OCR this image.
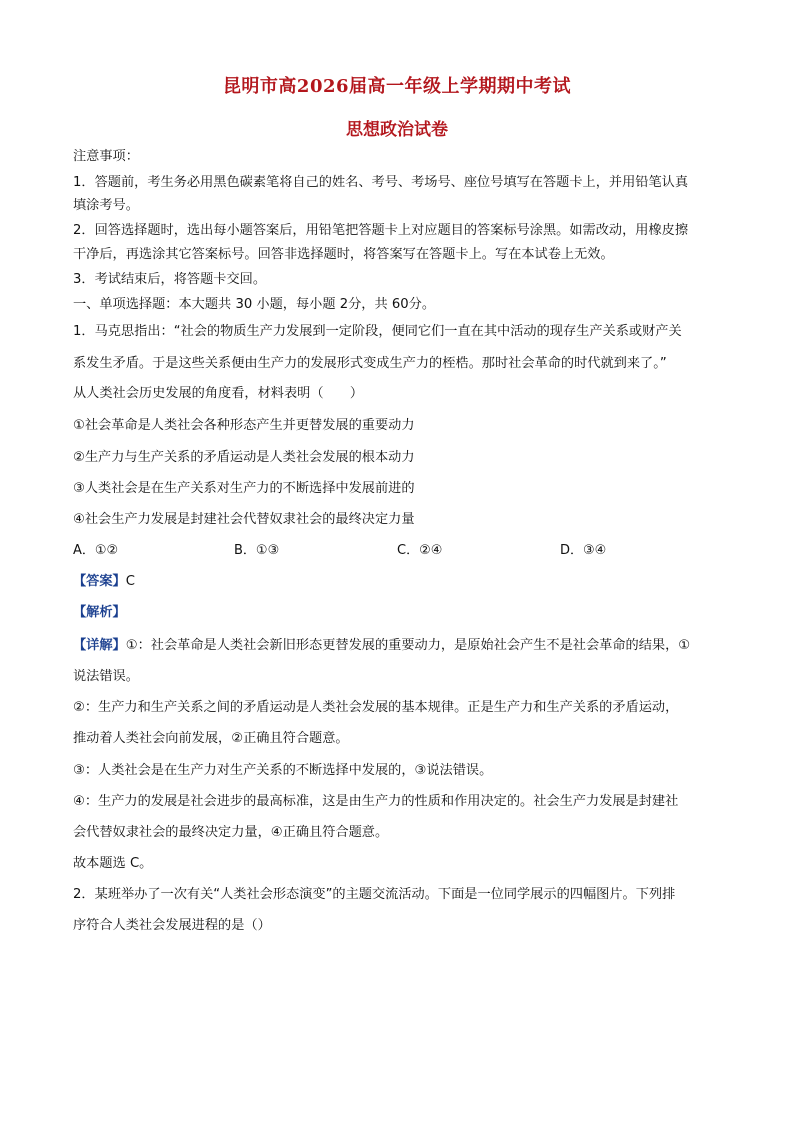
昆明市高2026届高一年级上学期期中考试
思想政治试卷
注意事项：
1．答题前，考生务必用黑色碳素笔将自己的姓名、考号、考场号、座位号填写在答题卡上，并用铅笔认真
填涂考号。
2．回答选择题时，选出每小题答案后，用铅笔把答题卡上对应题目的答案标号涂黑。如需改动，用橡皮擦
干净后，再选涂其它答案标号。回答非选择题时，将答案写在答题卡上。写在本试卷上无效。
3．考试结束后，将答题卡交回。
一、单项选择题：本大题共 30 小题，每小题 2分，共 60分。
1．马克思指出：“社会的物质生产力发展到一定阶段，便同它们一直在其中活动的现存生产关系或财产关
系发生矛盾。于是这些关系便由生产力的发展形式变成生产力的桎梏。那时社会革命的时代就到来了。”
从人类社会历史发展的角度看，材料表明（　　）
①社会革命是人类社会各种形态产生并更替发展的重要动力
②生产力与生产关系的矛盾运动是人类社会发展的根本动力
③人类社会是在生产关系对生产力的不断选择中发展前进的
④社会生产力发展是封建社会代替奴隶社会的最终决定力量
A．①②	B．①③	C．②④	D．③④
【答案】C
【解析】
【详解】①：社会革命是人类社会新旧形态更替发展的重要动力，是原始社会产生不是社会革命的结果，①
说法错误。
②：生产力和生产关系之间的矛盾运动是人类社会发展的基本规律。正是生产力和生产关系的矛盾运动，
推动着人类社会向前发展，②正确且符合题意。
③：人类社会是在生产力对生产关系的不断选择中发展的，③说法错误。
④：生产力的发展是社会进步的最高标准，这是由生产力的性质和作用决定的。社会生产力发展是封建社
会代替奴隶社会的最终决定力量，④正确且符合题意。
故本题选 C。
2．某班举办了一次有关“人类社会形态演变”的主题交流活动。下面是一位同学展示的四幅图片。下列排
序符合人类社会发展进程的是（）
